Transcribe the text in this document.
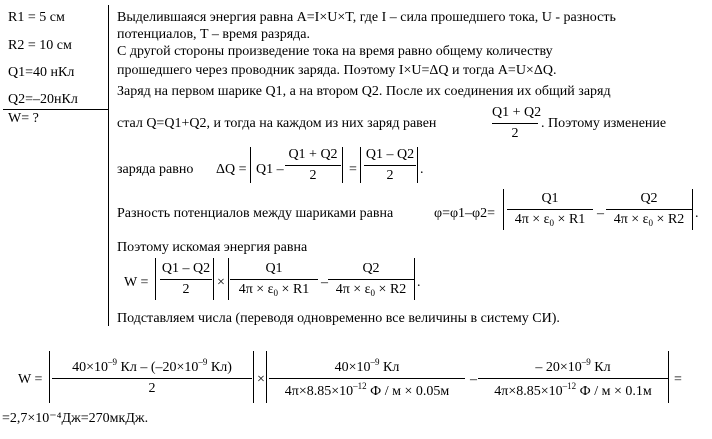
R1 = 5 см
R2 = 10 см
Q1=40 нКл
Q2=–20нКл
W= ?
Выделившаяся энергия равна A=I×U×T, где I – сила прошедшего тока, U - разность
потенциалов, T – время разряда.
С другой стороны произведение тока на время равно общему количеству
прошедшего через проводник заряда. Поэтому I×U=ΔQ и тогда A=U×ΔQ.
Заряд на первом шарике Q1, а на втором Q2. После их соединения их общий заряд
стал Q=Q1+Q2, и тогда на каждом из них заряд равен
Q1 + Q2
2
. Поэтому изменение
заряда равно ΔQ = Q1 –
Q1 + Q2
2	=
Q1 – Q2
2	.
Разность потенциалов между шариками равна	φ=φ1–φ2=
Q1
$4\pi \times \varepsilon_0 \times R1$ –
Q2
$4\pi \times \varepsilon_0 \times R2$ .
Поэтому искомая энергия равна
W =
Q1 – Q2
2	×
Q1
$4\pi \times \varepsilon_0 \times R1$ –
Q2
$4\pi \times \varepsilon_0 \times R2$ .
Подставляем числа (переводя одновременно все величины в систему СИ).
W =
$40\times 10^{-9}$ Кл – ($-20\times 10^{-9}$ Кл)
2
×
$40\times 10^{-9}$ Кл
$4\pi\times 8.85\times 10^{-12}$ Ф / м × 0.05м
–
– $20\times 10^{-9}$ Кл
$4\pi\times 8.85\times 10^{-12}$ Ф / м × 0.1м
=
=2,7×10⁻⁴Дж=270мкДж.
